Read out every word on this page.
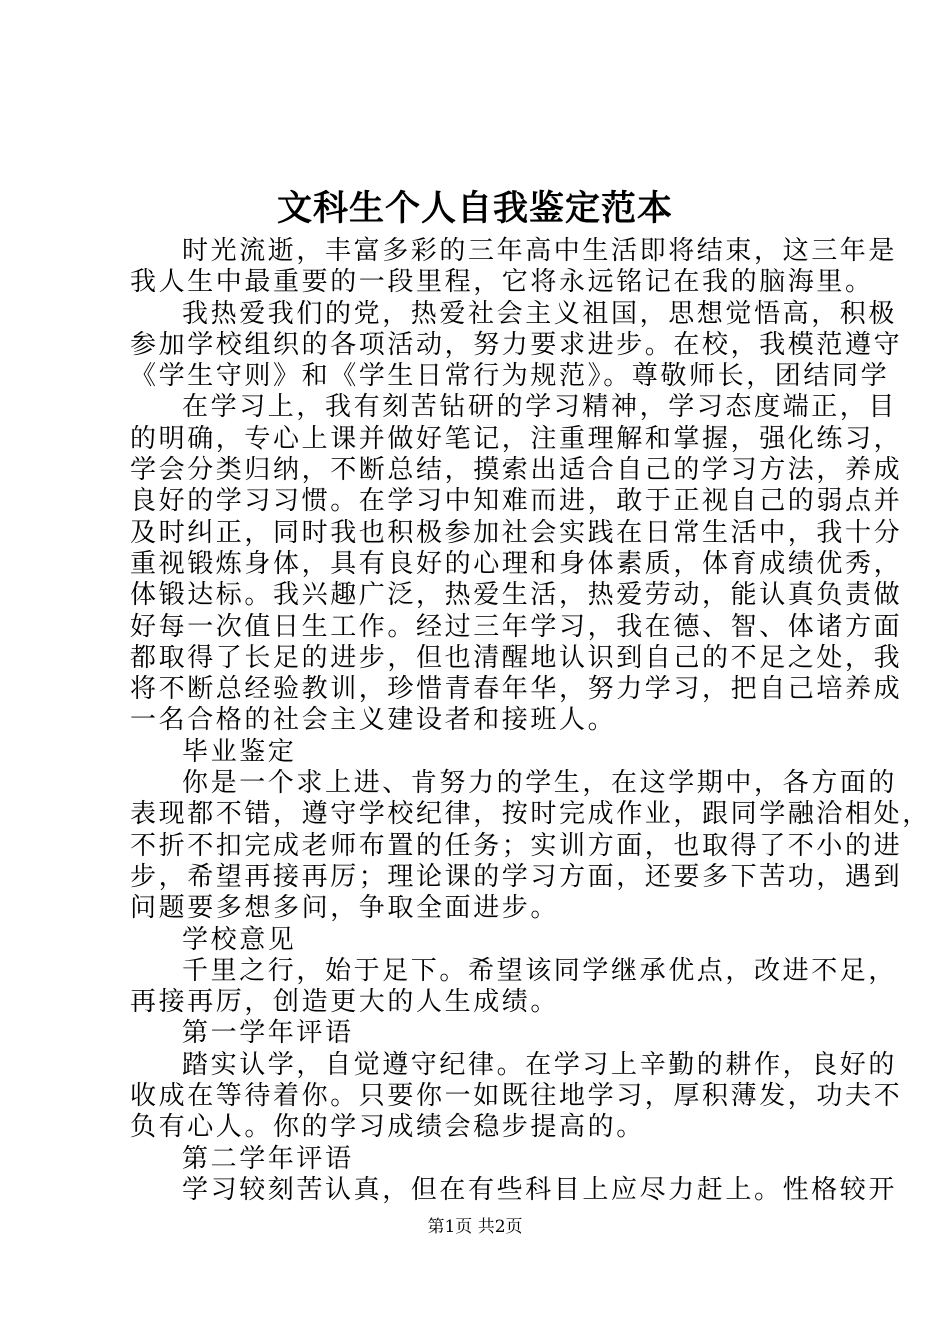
文科生个人自我鉴定范本
时光流逝，丰富多彩的三年高中生活即将结束，这三年是
我人生中最重要的一段里程，它将永远铭记在我的脑海里。
我热爱我们的党，热爱社会主义祖国，思想觉悟高，积极
参加学校组织的各项活动，努力要求进步。在校，我模范遵守
《学生守则》和《学生日常行为规范》。尊敬师长，团结同学
在学习上，我有刻苦钻研的学习精神，学习态度端正，目
的明确，专心上课并做好笔记，注重理解和掌握，强化练习，
学会分类归纳，不断总结，摸索出适合自己的学习方法，养成
良好的学习习惯。在学习中知难而进，敢于正视自己的弱点并
及时纠正，同时我也积极参加社会实践在日常生活中，我十分
重视锻炼身体，具有良好的心理和身体素质，体育成绩优秀，
体锻达标。我兴趣广泛，热爱生活，热爱劳动，能认真负责做
好每一次值日生工作。经过三年学习，我在德、智、体诸方面
都取得了长足的进步，但也清醒地认识到自己的不足之处，我
将不断总经验教训，珍惜青春年华，努力学习，把自己培养成
一名合格的社会主义建设者和接班人。
毕业鉴定
你是一个求上进、肯努力的学生，在这学期中，各方面的
表现都不错，遵守学校纪律，按时完成作业，跟同学融洽相处，
不折不扣完成老师布置的任务；实训方面，也取得了不小的进
步，希望再接再厉；理论课的学习方面，还要多下苦功，遇到
问题要多想多问，争取全面进步。
学校意见
千里之行，始于足下。希望该同学继承优点，改进不足，
再接再厉，创造更大的人生成绩。
第一学年评语
踏实认学，自觉遵守纪律。在学习上辛勤的耕作，良好的
收成在等待着你。只要你一如既往地学习，厚积薄发，功夫不
负有心人。你的学习成绩会稳步提高的。
第二学年评语
学习较刻苦认真，但在有些科目上应尽力赶上。性格较开
第1页 共2页
